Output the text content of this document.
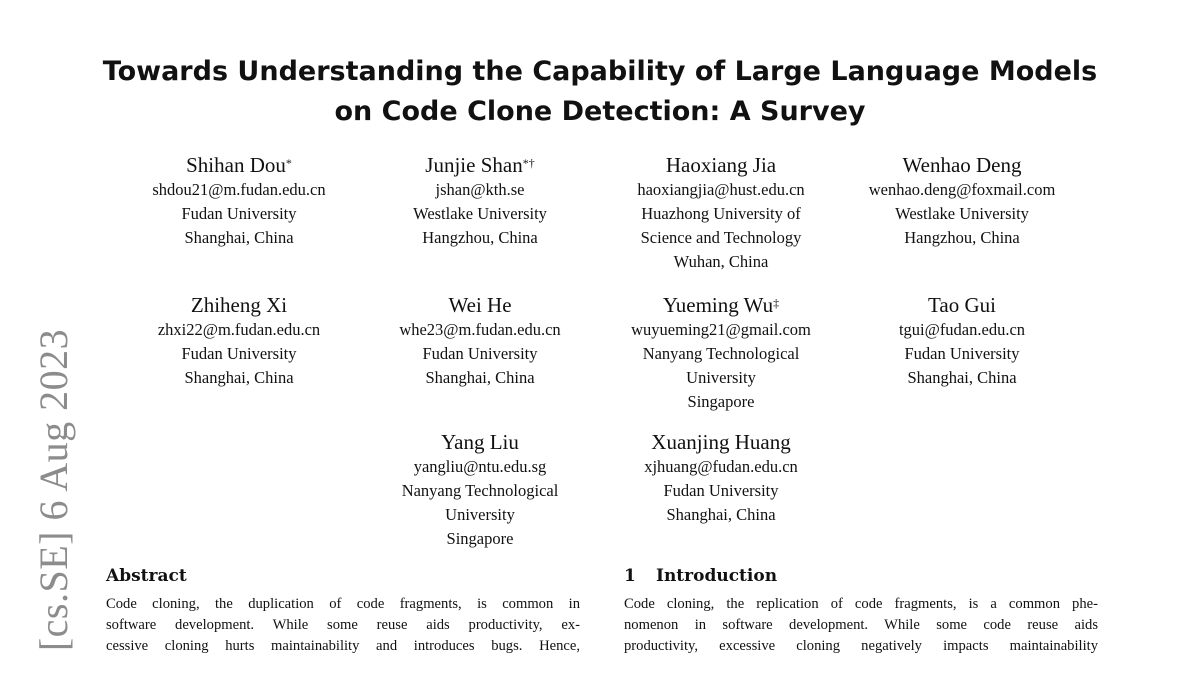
[cs.SE] 6 Aug 2023
Towards Understanding the Capability of Large Language Models
on Code Clone Detection: A Survey
Shihan Dou*
shdou21@m.fudan.edu.cn
Fudan University
Shanghai, China
Junjie Shan*†
jshan@kth.se
Westlake University
Hangzhou, China
Haoxiang Jia
haoxiangjia@hust.edu.cn
Huazhong University of
Science and Technology
Wuhan, China
Wenhao Deng
wenhao.deng@foxmail.com
Westlake University
Hangzhou, China
Zhiheng Xi
zhxi22@m.fudan.edu.cn
Fudan University
Shanghai, China
Wei He
whe23@m.fudan.edu.cn
Fudan University
Shanghai, China
Yueming Wu‡
wuyueming21@gmail.com
Nanyang Technological
University
Singapore
Tao Gui
tgui@fudan.edu.cn
Fudan University
Shanghai, China
Yang Liu
yangliu@ntu.edu.sg
Nanyang Technological
University
Singapore
Xuanjing Huang
xjhuang@fudan.edu.cn
Fudan University
Shanghai, China
Abstract

Code cloning, the duplication of code fragments, is common in
software development. While some reuse aids productivity, ex-
cessive cloning hurts maintainability and introduces bugs. Hence,

1 Introduction

Code cloning, the replication of code fragments, is a common phe-
nomenon in software development. While some code reuse aids
productivity, excessive cloning negatively impacts maintainability
